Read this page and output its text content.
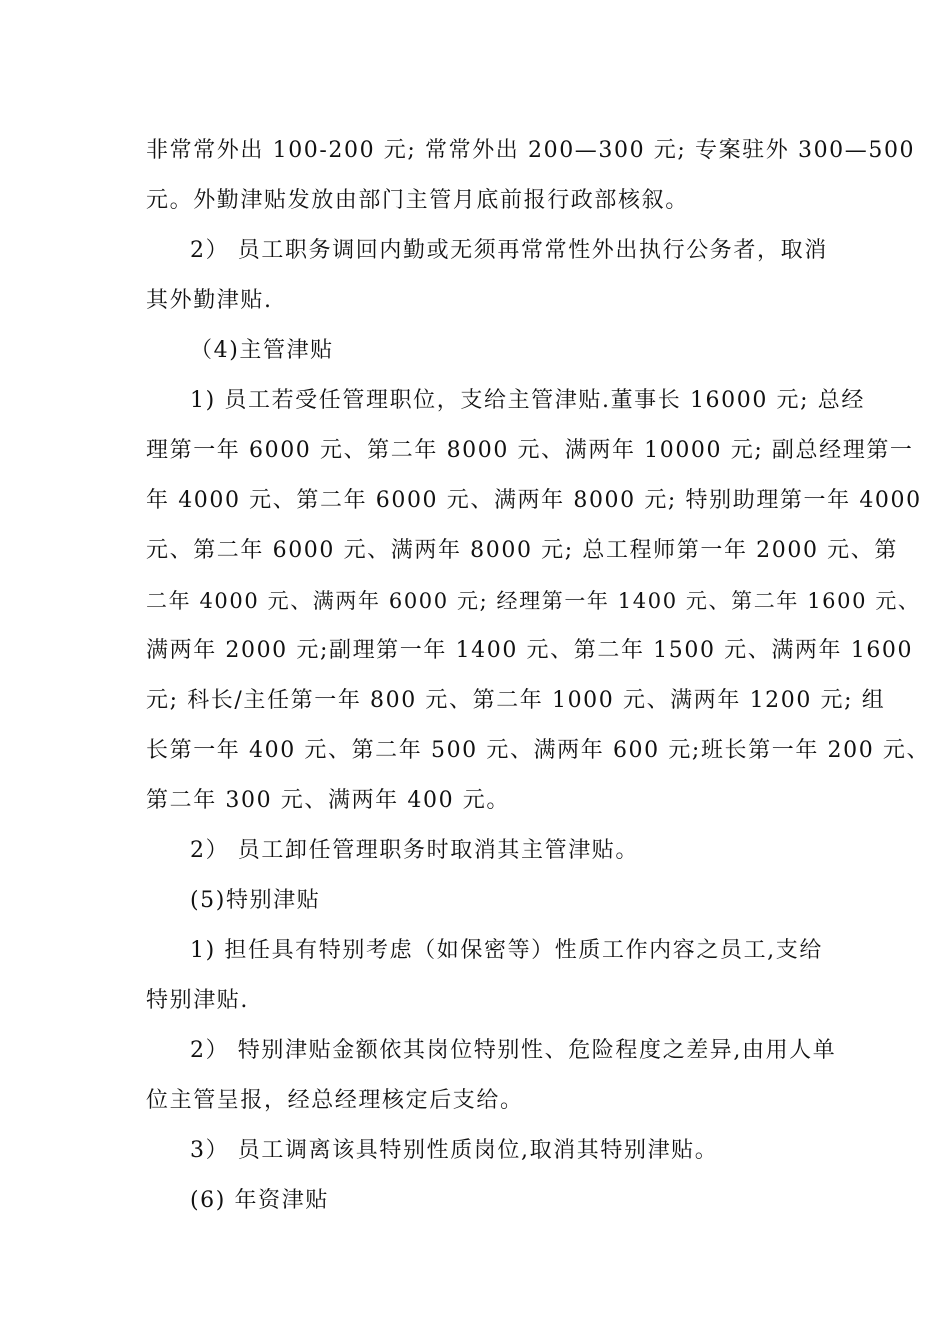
非常常外出 100-200 元; 常常外出 200—300 元; 专案驻外 300—500
元。外勤津贴发放由部门主管月底前报行政部核叙。
2） 员工职务调回内勤或无须再常常性外出执行公务者，取消
其外勤津贴.
（4)主管津贴
1) 员工若受任管理职位，支给主管津贴.董事长 16000 元; 总经
理第一年 6000 元、第二年 8000 元、满两年 10000 元; 副总经理第一
年 4000 元、第二年 6000 元、满两年 8000 元; 特别助理第一年 4000
元、第二年 6000 元、满两年 8000 元; 总工程师第一年 2000 元、第
二年 4000 元、满两年 6000 元; 经理第一年 1400 元、第二年 1600 元、
满两年 2000 元;副理第一年 1400 元、第二年 1500 元、满两年 1600
元; 科长/主任第一年 800 元、第二年 1000 元、满两年 1200 元; 组
长第一年 400 元、第二年 500 元、满两年 600 元;班长第一年 200 元、
第二年 300 元、满两年 400 元。
2） 员工卸任管理职务时取消其主管津贴。
(5)特别津贴
1) 担任具有特别考虑（如保密等）性质工作内容之员工,支给
特别津贴.
2） 特别津贴金额依其岗位特别性、危险程度之差异,由用人单
位主管呈报，经总经理核定后支给。
3） 员工调离该具特别性质岗位,取消其特别津贴。
(6) 年资津贴
